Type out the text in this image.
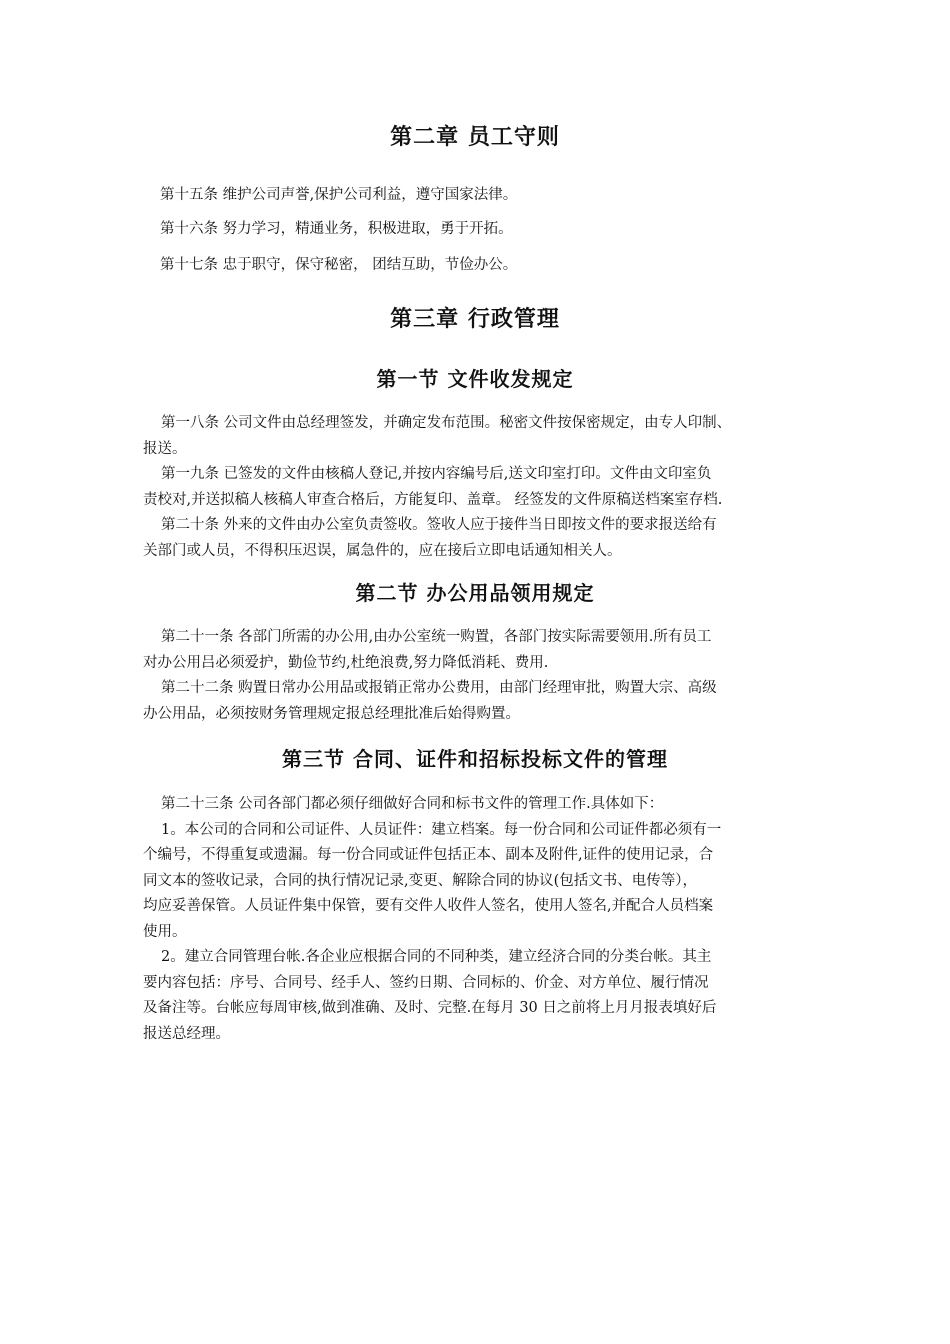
第二章 员工守则

第十五条 维护公司声誉,保护公司利益，遵守国家法律。

第十六条 努力学习，精通业务，积极进取，勇于开拓。

第十七条 忠于职守，保守秘密， 团结互助，节俭办公。

第三章 行政管理
第一节 文件收发规定
第一八条 公司文件由总经理签发，并确定发布范围。秘密文件按保密规定，由专人印制、
报送。
第一九条 已签发的文件由核稿人登记,并按内容编号后,送文印室打印。文件由文印室负
责校对,并送拟稿人核稿人审查合格后，方能复印、盖章。 经签发的文件原稿送档案室存档.
第二十条 外来的文件由办公室负责签收。签收人应于接件当日即按文件的要求报送给有
关部门或人员，不得积压迟误，属急件的，应在接后立即电话通知相关人。
第二节 办公用品领用规定
第二十一条 各部门所需的办公用,由办公室统一购置，各部门按实际需要领用.所有员工
对办公用吕必须爱护，勤俭节约,杜绝浪费,努力降低消耗、费用.
第二十二条 购置日常办公用品或报销正常办公费用，由部门经理审批，购置大宗、高级
办公用品，必须按财务管理规定报总经理批准后始得购置。
第三节 合同、证件和招标投标文件的管理
第二十三条 公司各部门都必须仔细做好合同和标书文件的管理工作.具体如下：
1。本公司的合同和公司证件、人员证件：建立档案。每一份合同和公司证件都必须有一
个编号，不得重复或遗漏。每一份合同或证件包括正本、副本及附件,证件的使用记录，合
同文本的签收记录，合同的执行情况记录,变更、解除合同的协议(包括文书、电传等），
均应妥善保管。人员证件集中保管，要有交件人收件人签名，使用人签名,并配合人员档案
使用。
2。建立合同管理台帐.各企业应根据合同的不同种类，建立经济合同的分类台帐。其主
要内容包括：序号、合同号、经手人、签约日期、合同标的、价金、对方单位、履行情况
及备注等。台帐应每周审核,做到准确、及时、完整.在每月 30 日之前将上月月报表填好后
报送总经理。
